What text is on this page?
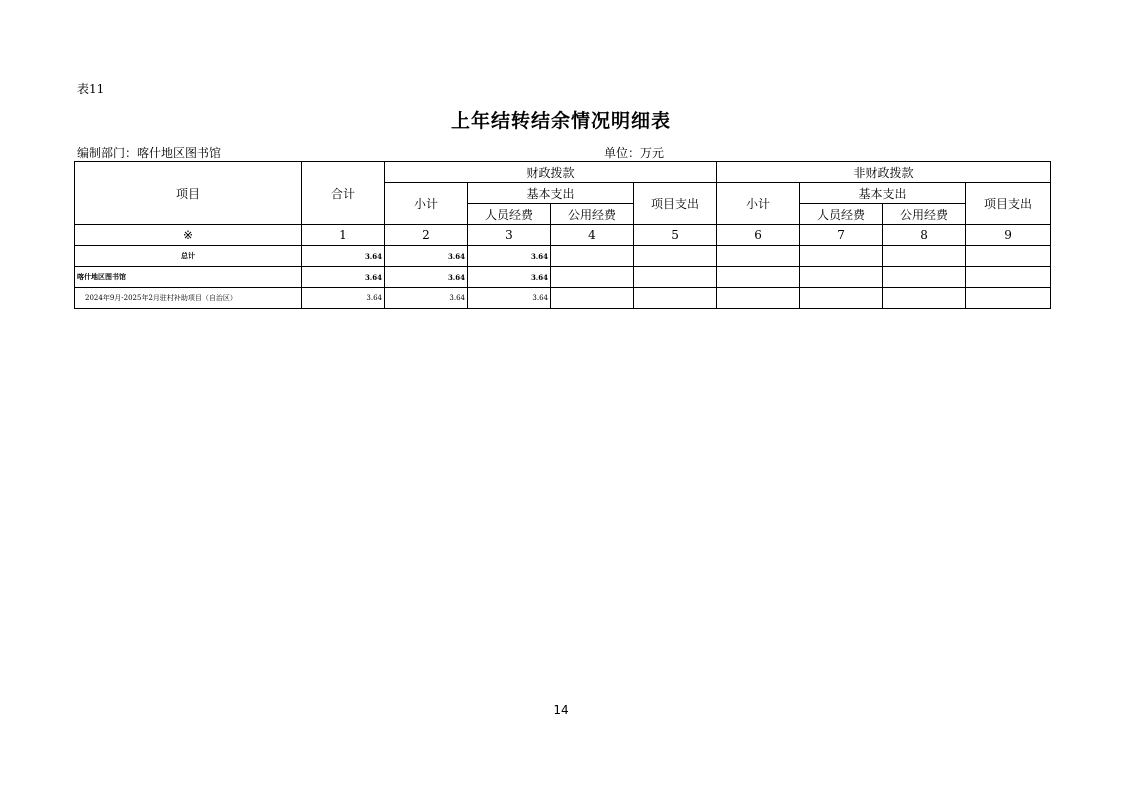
表11
上年结转结余情况明细表
编制部门：喀什地区图书馆	单位：万元
项目	合计	财政拨款				非财政拨款			
		小计	基本支出		项目支出	小计	基本支出		项目支出
			人员经费	公用经费			人员经费	公用经费	
※	1	2	3	4	5	6	7	8	9
总计	3.64	3.64	3.64						
喀什地区图书馆	3.64	3.64	3.64						
2024年9月-2025年2月驻村补助项目（自治区）	3.64	3.64	3.64						
14
